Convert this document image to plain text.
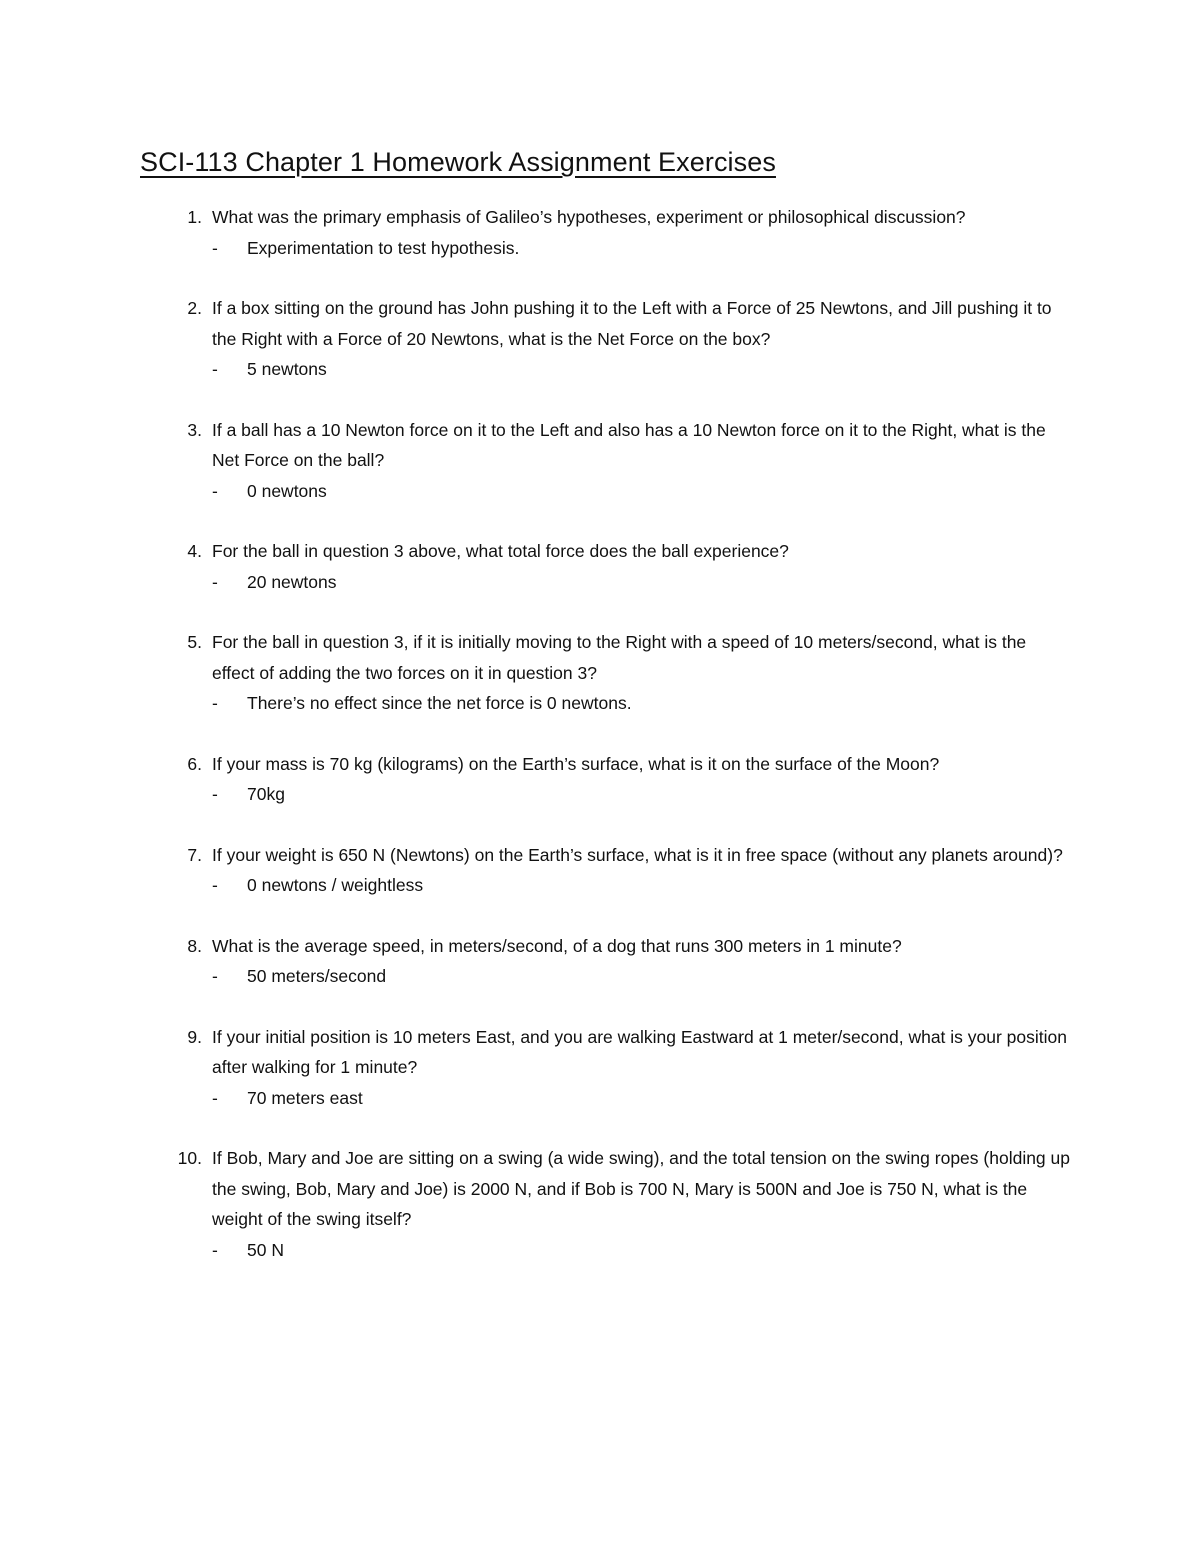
SCI-113 Chapter 1 Homework Assignment Exercises
1. What was the primary emphasis of Galileo’s hypotheses, experiment or philosophical discussion?
- Experimentation to test hypothesis.
2. If a box sitting on the ground has John pushing it to the Left with a Force of 25 Newtons, and Jill pushing it to the Right with a Force of 20 Newtons, what is the Net Force on the box?
- 5 newtons
3. If a ball has a 10 Newton force on it to the Left and also has a 10 Newton force on it to the Right, what is the Net Force on the ball?
- 0 newtons
4. For the ball in question 3 above, what total force does the ball experience?
- 20 newtons
5. For the ball in question 3, if it is initially moving to the Right with a speed of 10 meters/second, what is the effect of adding the two forces on it in question 3?
- There’s no effect since the net force is 0 newtons.
6. If your mass is 70 kg (kilograms) on the Earth’s surface, what is it on the surface of the Moon?
- 70kg
7. If your weight is 650 N (Newtons) on the Earth’s surface, what is it in free space (without any planets around)?
- 0 newtons / weightless
8. What is the average speed, in meters/second, of a dog that runs 300 meters in 1 minute?
- 50 meters/second
9. If your initial position is 10 meters East, and you are walking Eastward at 1 meter/second, what is your position after walking for 1 minute?
- 70 meters east
10. If Bob, Mary and Joe are sitting on a swing (a wide swing), and the total tension on the swing ropes (holding up the swing, Bob, Mary and Joe) is 2000 N, and if Bob is 700 N, Mary is 500N and Joe is 750 N, what is the weight of the swing itself?
- 50 N
